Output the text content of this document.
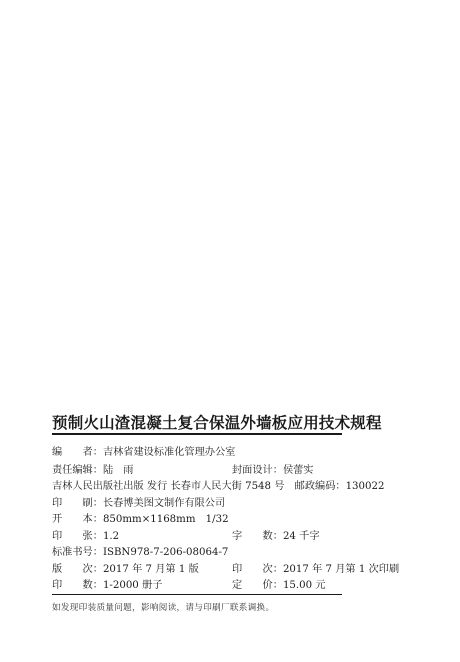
预制火山渣混凝土复合保温外墙板应用技术规程
编　　者：吉林省建设标准化管理办公室
责任编辑：陆　雨	封面设计：侯蕾实
吉林人民出版社出版 发行 长春市人民大街 7548 号　邮政编码：130022
印　　刷：长春博美图文制作有限公司
开　　本：850mm×1168mm　1/32
印　　张：1.2	字　　数：24 千字
标准书号：ISBN978-7-206-08064-7
版　　次：2017 年 7 月第 1 版	印　　次：2017 年 7 月第 1 次印刷
印　　数：1-2000 册子	定　　价：15.00 元
如发现印装质量问题，影响阅读，请与印刷厂联系调换。
